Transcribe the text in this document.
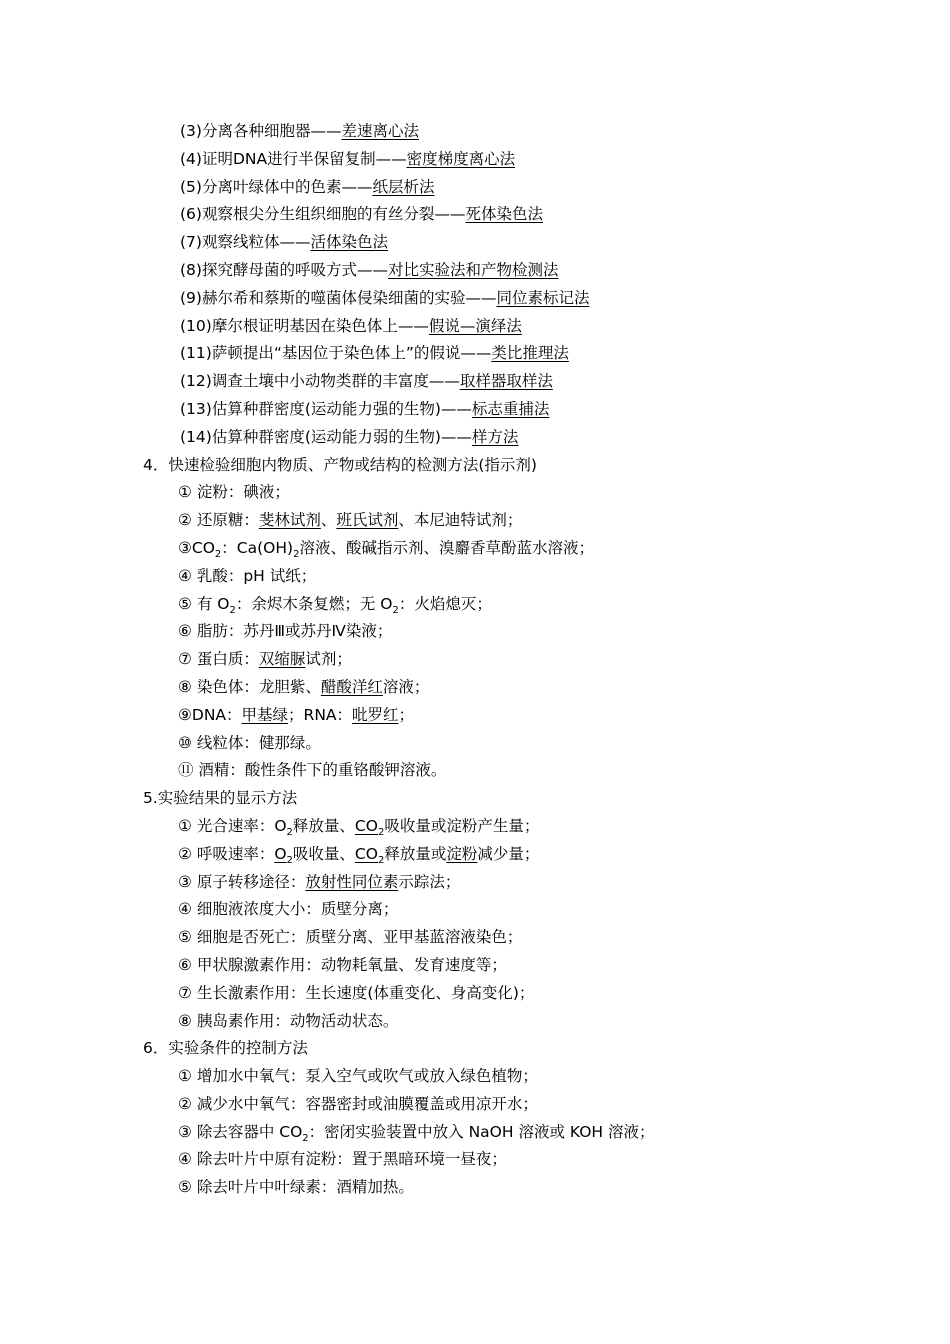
(3)分离各种细胞器——差速离心法
(4)证明DNA进行半保留复制——密度梯度离心法
(5)分离叶绿体中的色素——纸层析法
(6)观察根尖分生组织细胞的有丝分裂——死体染色法
(7)观察线粒体——活体染色法
(8)探究酵母菌的呼吸方式——对比实验法和产物检测法
(9)赫尔希和蔡斯的噬菌体侵染细菌的实验——同位素标记法
(10)摩尔根证明基因在染色体上——假说—演绎法
(11)萨顿提出“基因位于染色体上”的假说——类比推理法
(12)调查土壤中小动物类群的丰富度——取样器取样法
(13)估算种群密度(运动能力强的生物)——标志重捕法
(14)估算种群密度(运动能力弱的生物)——样方法
4．快速检验细胞内物质、产物或结构的检测方法(指示剂)
① 淀粉：碘液；
② 还原糖：斐林试剂、班氏试剂、本尼迪特试剂；
$③CO_2$：$Ca(OH)_2$溶液、酸碱指示剂、溴麝香草酚蓝水溶液；
④ 乳酸：pH 试纸；
⑤ 有 $O_2$：余烬木条复燃；无 $O_2$：火焰熄灭；
⑥ 脂肪：苏丹Ⅲ或苏丹Ⅳ染液；
⑦ 蛋白质：双缩脲试剂；
⑧ 染色体：龙胆紫、醋酸洋红溶液；
⑨DNA：甲基绿；RNA：吡罗红；
⑩ 线粒体：健那绿。
⑪ 酒精：酸性条件下的重铬酸钾溶液。
5.实验结果的显示方法
① 光合速率：$O_2$释放量、$CO_2$吸收量或淀粉产生量；
② 呼吸速率：$O_2$吸收量、$CO_2$释放量或淀粉减少量；
③ 原子转移途径：放射性同位素示踪法；
④ 细胞液浓度大小：质壁分离；
⑤ 细胞是否死亡：质壁分离、亚甲基蓝溶液染色；
⑥ 甲状腺激素作用：动物耗氧量、发育速度等；
⑦ 生长激素作用：生长速度(体重变化、身高变化)；
⑧ 胰岛素作用：动物活动状态。
6．实验条件的控制方法
① 增加水中氧气：泵入空气或吹气或放入绿色植物；
② 减少水中氧气：容器密封或油膜覆盖或用凉开水；
③ 除去容器中 $CO_2$：密闭实验装置中放入 NaOH 溶液或 KOH 溶液；
④ 除去叶片中原有淀粉：置于黑暗环境一昼夜；
⑤ 除去叶片中叶绿素：酒精加热。
